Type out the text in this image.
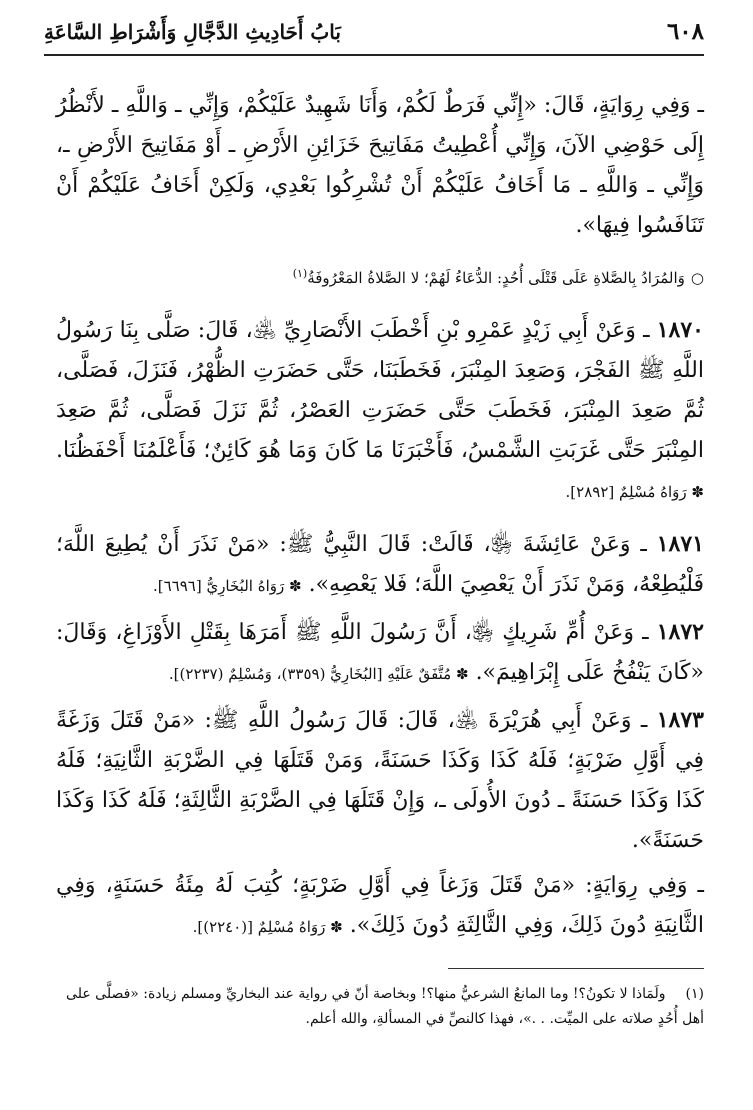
٦٠٨
بَابُ أَحَادِيثِ الدَّجَّالِ وَأَشْرَاطِ السَّاعَةِ
ـ وَفِي رِوَايَةٍ، قَالَ: «إِنِّي فَرَطٌ لَكُمْ، وَأَنَا شَهِيدٌ عَلَيْكُمْ، وَإِنِّي ـ وَاللَّهِ ـ لأَنْظُرُ إِلَى حَوْضِي الآنَ، وَإِنِّي أُعْطِيتُ مَفَاتِيحَ خَزَائِنِ الأَرْضِ ـ أَوْ مَفَاتِيحَ الأَرْضِ ـ، وَإِنِّي ـ وَاللَّهِ ـ مَا أَخَافُ عَلَيْكُمْ أَنْ تُشْرِكُوا بَعْدِي، وَلَكِنْ أَخَافُ عَلَيْكُمْ أَنْ تَنَافَسُوا فِيهَا».
○وَالمُرَادُ بِالصَّلاةِ عَلَى قَتْلَى أُحُدٍ: الدُّعَاءُ لَهُمْ؛ لا الصَّلاةُ المَعْرُوفَةُ$^{(١)}$
١٨٧٠ ـ وَعَنْ أَبِي زَيْدٍ عَمْرِو بْنِ أَخْطَبَ الأَنْصَارِيِّ ﵁، قَالَ: صَلَّى بِنَا رَسُولُ اللَّهِ ﷺ الفَجْرَ، وَصَعِدَ المِنْبَرَ، فَخَطَبَنَا، حَتَّى حَضَرَتِ الظُّهْرُ، فَنَزَلَ، فَصَلَّى، ثُمَّ صَعِدَ المِنْبَرَ، فَخَطَبَ حَتَّى حَضَرَتِ العَصْرُ، ثُمَّ نَزَلَ فَصَلَّى، ثُمَّ صَعِدَ المِنْبَرَ حَتَّى غَرَبَتِ الشَّمْسُ، فَأَخْبَرَنَا مَا كَانَ وَمَا هُوَ كَائِنٌ؛ فَأَعْلَمُنَا أَحْفَظُنَا. ✽ رَوَاهُ مُسْلِمٌ [٢٨٩٢].
١٨٧١ ـ وَعَنْ عَائِشَةَ ﵂، قَالَتْ: قَالَ النَّبِيُّ ﷺ: «مَنْ نَذَرَ أَنْ يُطِيعَ اللَّهَ؛ فَلْيُطِعْهُ، وَمَنْ نَذَرَ أَنْ يَعْصِيَ اللَّهَ؛ فَلا يَعْصِهِ». ✽ رَوَاهُ البُخَارِيُّ [٦٦٩٦].
١٨٧٢ ـ وَعَنْ أُمِّ شَرِيكٍ ﵂، أَنَّ رَسُولَ اللَّهِ ﷺ أَمَرَهَا بِقَتْلِ الأَوْزَاغِ، وَقَالَ: «كَانَ يَنْفُخُ عَلَى إِبْرَاهِيمَ». ✽ مُتَّفَقٌ عَلَيْهِ [البُخَارِيُّ (٣٣٥٩)، وَمُسْلِمٌ (٢٢٣٧)].
١٨٧٣ ـ وَعَنْ أَبِي هُرَيْرَةَ ﵁، قَالَ: قَالَ رَسُولُ اللَّهِ ﷺ: «مَنْ قَتَلَ وَزَغَةً فِي أَوَّلِ ضَرْبَةٍ؛ فَلَهُ كَذَا وَكَذَا حَسَنَةً، وَمَنْ قَتَلَهَا فِي الضَّرْبَةِ الثَّانِيَةِ؛ فَلَهُ كَذَا وَكَذَا حَسَنَةً ـ دُونَ الأُولَى ـ، وَإِنْ قَتَلَهَا فِي الضَّرْبَةِ الثَّالِثَةِ؛ فَلَهُ كَذَا وَكَذَا حَسَنَةً».
ـ وَفِي رِوَايَةٍ: «مَنْ قَتَلَ وَزَغاً فِي أَوَّلِ ضَرْبَةٍ؛ كُتِبَ لَهُ مِئَةُ حَسَنَةٍ، وَفِي الثَّانِيَةِ دُونَ ذَلِكَ، وَفِي الثَّالِثَةِ دُونَ ذَلِكَ». ✽ رَوَاهُ مُسْلِمٌ [(٢٢٤٠)].
(١)ولَمَاذا لا تكونُ؟! وما المانعُ الشرعيُّ منها؟! وبخاصة أنّ في رواية عند البخاريِّ ومسلم زيادة: «فصلَّى على أهل أُحُدٍ صلاته على الميِّت. . .»، فهذا كالنصِّ في المسألةِ، والله أعلم.
